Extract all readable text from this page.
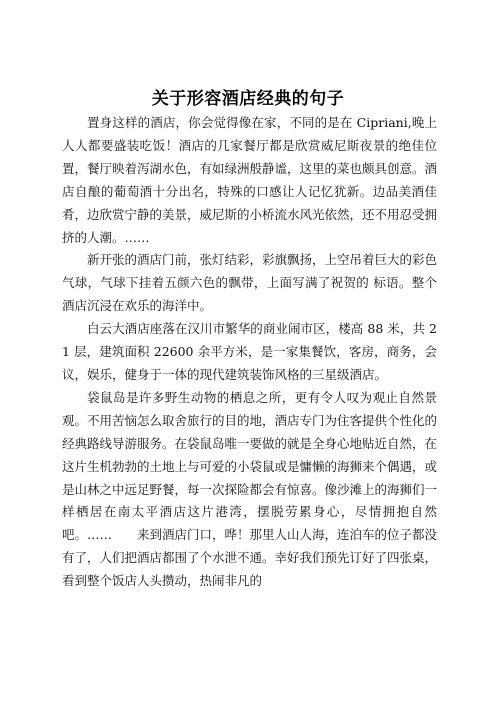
关于形容酒店经典的句子

置身这样的酒店，你会觉得像在家，不同的是在 Cipriani,晚上人人都要盛装吃饭！酒店的几家餐厅都是欣赏威尼斯夜景的绝佳位置，餐厅映着泻湖水色，有如绿洲般静谧，这里的菜也颇具创意。酒店自酿的葡萄酒十分出名，特殊的口感让人记忆犹新。边品美酒佳肴，边欣赏宁静的美景，威尼斯的小桥流水风光依然，还不用忍受拥挤的人潮。……

新开张的酒店门前，张灯结彩，彩旗飘扬，上空吊着巨大的彩色气球，气球下挂着五颜六色的飘带，上面写满了祝贺的 标语。整个酒店沉浸在欢乐的海洋中。

白云大酒店座落在汉川市繁华的商业闹市区，楼高 88 米，共 21 层，建筑面积 22600 余平方米，是一家集餐饮，客房，商务，会议，娱乐，健身于一体的现代建筑装饰风格的三星级酒店。

袋鼠岛是许多野生动物的栖息之所，更有令人叹为观止自然景观。不用苦恼怎么取舍旅行的目的地，酒店专门为住客提供个性化的经典路线导游服务。在袋鼠岛唯一要做的就是全身心地贴近自然，在这片生机勃勃的土地上与可爱的小袋鼠或是慵懒的海狮来个偶遇，或是山林之中远足野餐，每一次探险都会有惊喜。像沙滩上的海狮们一样栖居在南太平酒店这片港湾，摆脱劳累身心，尽情拥抱自然吧。……　　来到酒店门口，哗！那里人山人海，连泊车的位子都没有了，人们把酒店都围了个水泄不通。幸好我们预先订好了四张桌，看到整个饭店人头攒动，热闹非凡的
